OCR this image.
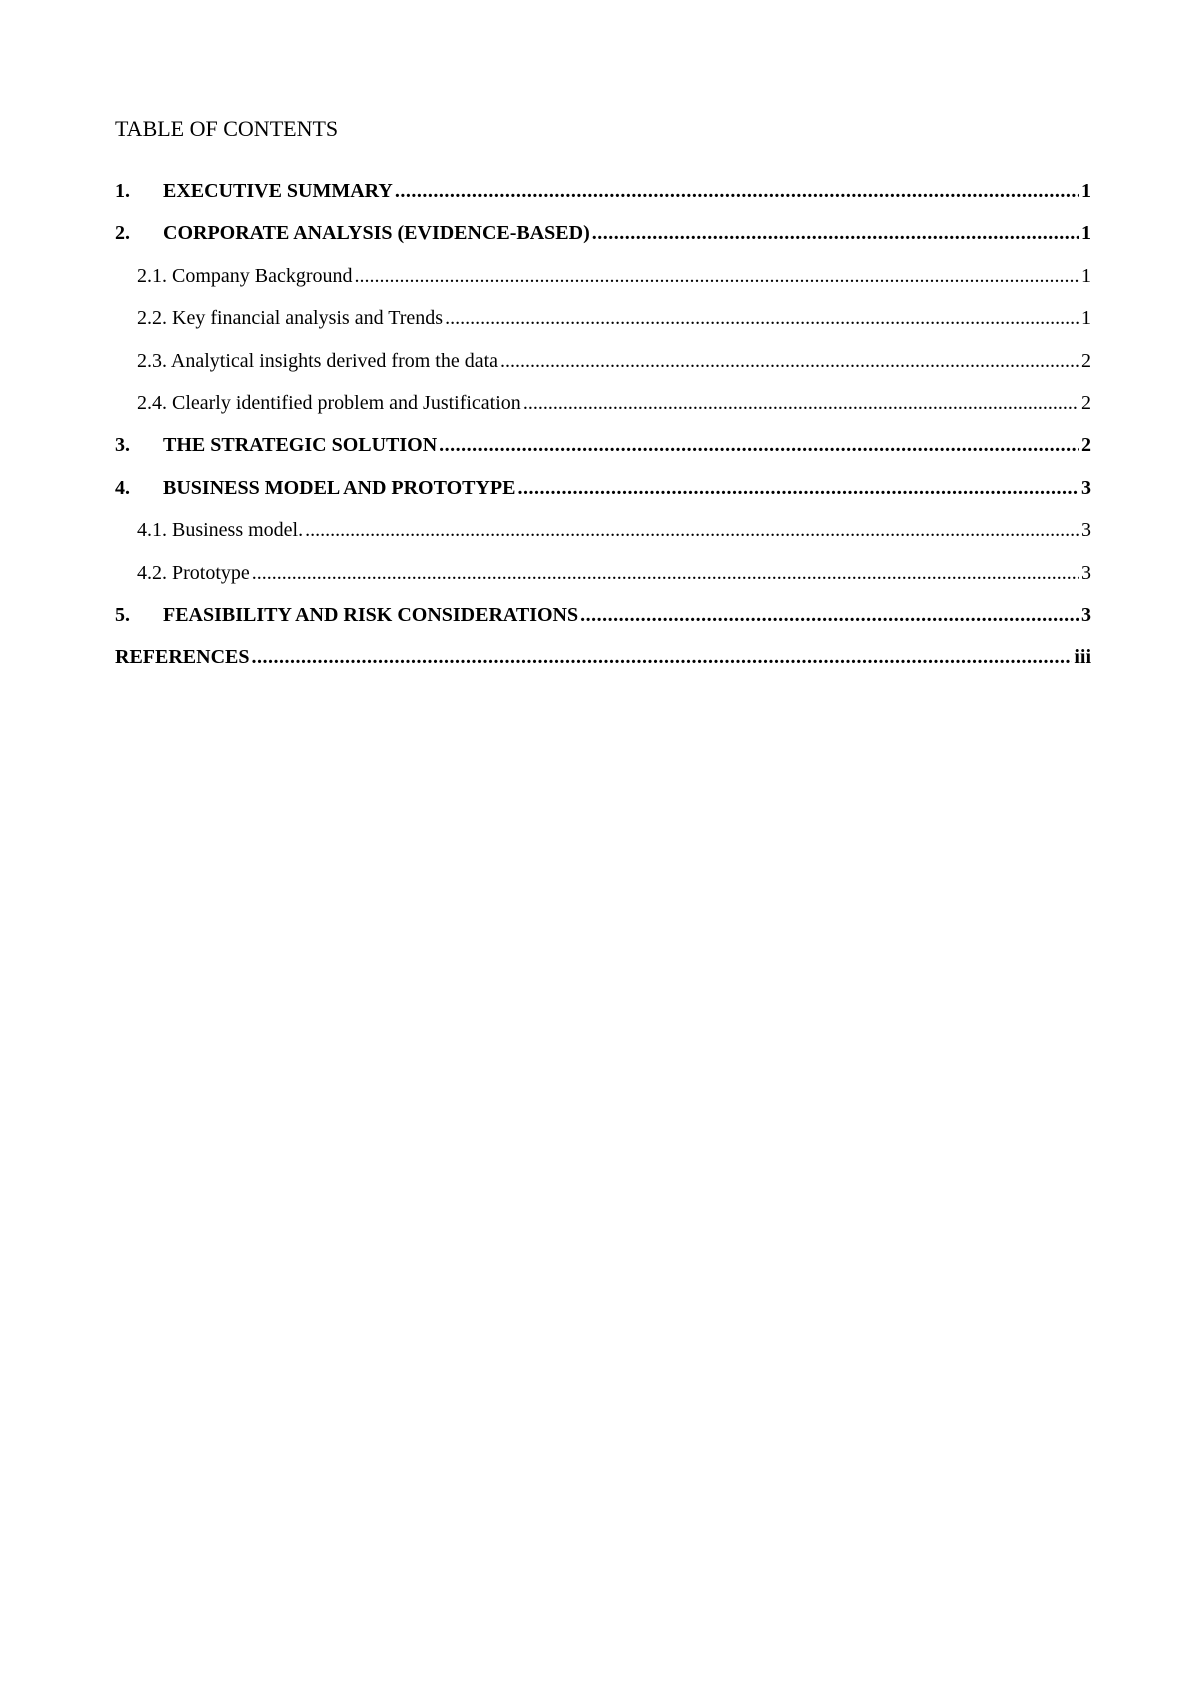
TABLE OF CONTENTS
1.	EXECUTIVE SUMMARY .....	1
2.	CORPORATE ANALYSIS (EVIDENCE-BASED) .....	1
2.1. Company Background .....	1
2.2. Key financial analysis and Trends .....	1
2.3. Analytical insights derived from the data .....	2
2.4. Clearly identified problem and Justification .....	2
3.	THE STRATEGIC SOLUTION .....	2
4.	BUSINESS MODEL AND PROTOTYPE .....	3
4.1. Business model. .....	3
4.2. Prototype .....	3
5.	FEASIBILITY AND RISK CONSIDERATIONS .....	3
REFERENCES .....	iii
